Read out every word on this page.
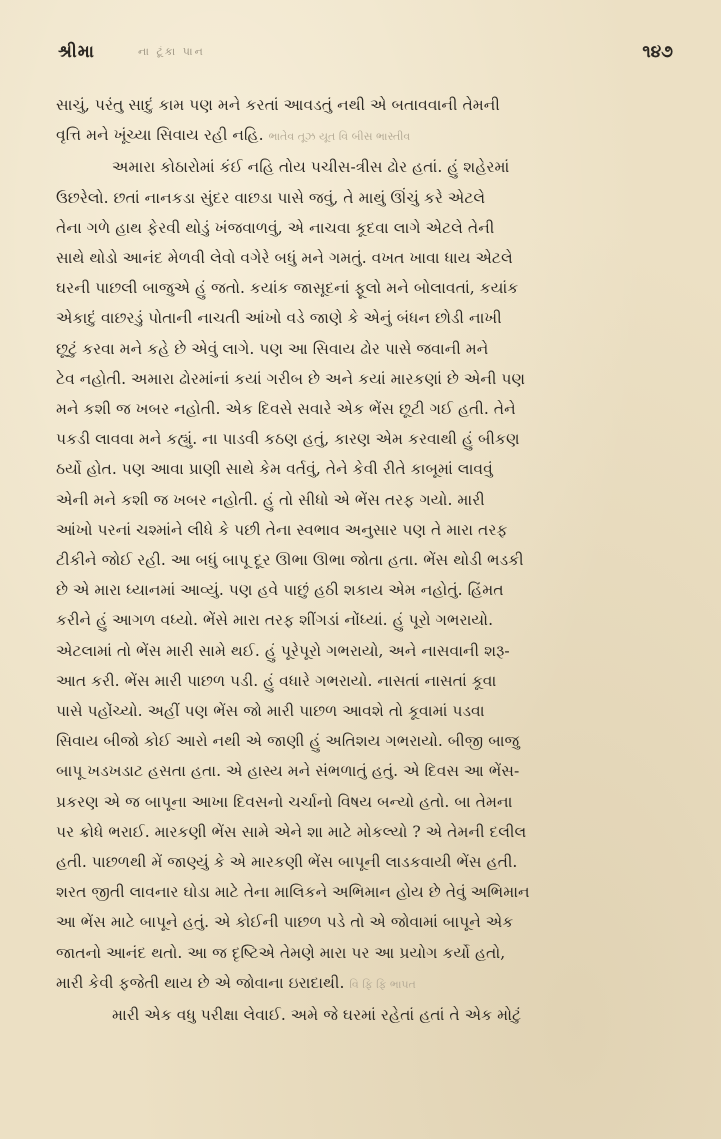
શ્રીમા	ના ટૂંકા પાન	૧૪૭

સાચું, પરંતુ સાદું કામ પણ મને કરતાં આવડતું નથી એ બતાવવાની તેમની
વૃત્તિ મને ખૂંચ્યા સિવાય રહી નહિ. ભાતેવ તૂઝ યૂત વિ બીસ ભાસ્તીવ

અમારા કોઠારોમાં કંઈ નહિ તોય પચીસ-ત્રીસ ઢોર હતાં. હું શહેરમાં
ઉછરેલો. છતાં નાનકડા સુંદર વાછડા પાસે જવું, તે માથું ઊંચું કરે એટલે
તેના ગળે હાથ ફેરવી થોડું ખંજવાળવું, એ નાચવા કૂદવા લાગે એટલે તેની
સાથે થોડો આનંદ મેળવી લેવો વગેરે બધું મને ગમતું. વખત ખાવા ધાય એટલે
ઘરની પાછલી બાજુએ હું જતો. કયાંક જાસૂદનાં ફૂલો મને બોલાવતાં, કયાંક
એકાદું વાછરડું પોતાની નાચતી આંખો વડે જાણે કે એનું બંધન છોડી નાખી
છૂટું કરવા મને કહે છે એવું લાગે. પણ આ સિવાય ઢોર પાસે જવાની મને
ટેવ નહોતી. અમારા ઢોરમાંનાં કયાં ગરીબ છે અને કયાં મારકણાં છે એની પણ
મને કશી જ ખબર નહોતી. એક દિવસે સવારે એક ભેંસ છૂટી ગઈ હતી. તેને
પકડી લાવવા મને કહ્યું. ના પાડવી કઠણ હતું, કારણ એમ કરવાથી હું બીકણ
ઠર્યો હોત. પણ આવા પ્રાણી સાથે કેમ વર્તવું, તેને કેવી રીતે કાબૂમાં લાવવું
એની મને કશી જ ખબર નહોતી. હું તો સીધો એ ભેંસ તરફ ગયો. મારી
આંખો પરનાં ચશ્માંને લીધે કે પછી તેના સ્વભાવ અનુસાર પણ તે મારા તરફ
ટીકીને જોઈ રહી. આ બધું બાપૂ દૂર ઊભા ઊભા જોતા હતા. ભેંસ થોડી ભડકી
છે એ મારા ધ્યાનમાં આવ્યું. પણ હવે પાછું હઠી શકાય એમ નહોતું. હિંમત
કરીને હું આગળ વધ્યો. ભેંસે મારા તરફ શીંગડાં નોંધ્યાં. હું પૂરો ગભરાયો.
એટલામાં તો ભેંસ મારી સામે થઈ. હું પૂરેપૂરો ગભરાયો, અને નાસવાની શરૂ-
આત કરી. ભેંસ મારી પાછળ પડી. હું વધારે ગભરાયો. નાસતાં નાસતાં કૂવા
પાસે પહોંચ્યો. અહીં પણ ભેંસ જો મારી પાછળ આવશે તો કૂવામાં પડવા
સિવાય બીજો કોઈ આરો નથી એ જાણી હું અતિશય ગભરાયો. બીજી બાજુ
બાપૂ ખડખડાટ હસતા હતા. એ હાસ્ય મને સંભળાતું હતું. એ દિવસ આ ભેંસ-
પ્રકરણ એ જ બાપૂના આખા દિવસનો ચર્ચાનો વિષય બન્યો હતો. બા તેમના
પર ક્રોધે ભરાઈ. મારકણી ભેંસ સામે એને શા માટે મોકલ્યો ? એ તેમની દલીલ
હતી. પાછળથી મેં જાણ્યું કે એ મારકણી ભેંસ બાપૂની લાડકવાયી ભેંસ હતી.
શરત જીતી લાવનાર ઘોડા માટે તેના માલિકને અભિમાન હોય છે તેવું અભિમાન
આ ભેંસ માટે બાપૂને હતું. એ કોઈની પાછળ પડે તો એ જોવામાં બાપૂને એક
જાતનો આનંદ થતો. આ જ દૃષ્ટિએ તેમણે મારા પર આ પ્રયોગ કર્યો હતો,
મારી કેવી ફજેતી થાય છે એ જોવાના ઇરાદાથી. વિ ફિ ફિ ભાપત

મારી એક વધુ પરીક્ષા લેવાઈ. અમે જે ઘરમાં રહેતાં હતાં તે એક મોટું
